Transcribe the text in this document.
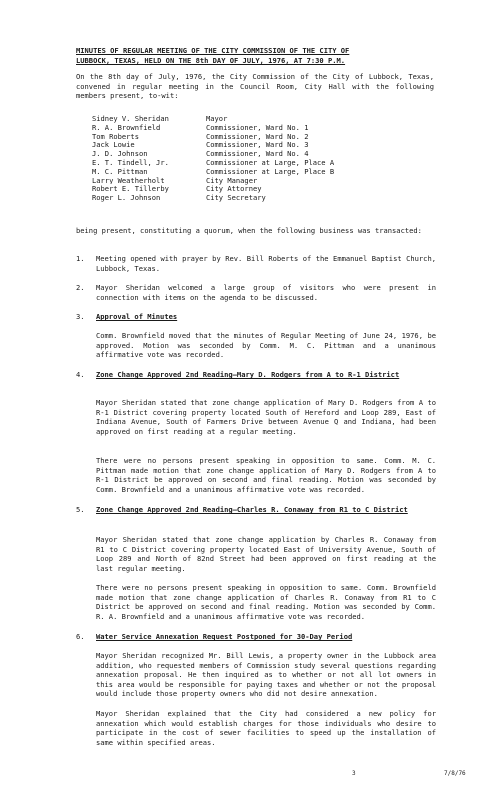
MINUTES OF REGULAR MEETING OF THE CITY COMMISSION OF THE CITY OF
LUBBOCK, TEXAS, HELD ON THE 8th DAY OF JULY, 1976, AT 7:30 P.M.
On the 8th day of July, 1976, the City Commission of the City of Lubbock, Texas, convened in regular meeting in the Council Room, City Hall with the following members present, to-wit:
Sidney V. Sheridan	Mayor
R. A. Brownfield	Commissioner, Ward No. 1
Tom Roberts	Commissioner, Ward No. 2
Jack Lowie	Commissioner, Ward No. 3
J. D. Johnson	Commissioner, Ward No. 4
E. T. Tindell, Jr.	Commissioner at Large, Place A
M. C. Pittman	Commissioner at Large, Place B
Larry Weatherholt	City Manager
Robert E. Tillerby	City Attorney
Roger L. Johnson	City Secretary
being present, constituting a quorum, when the following business was transacted:
1. Meeting opened with prayer by Rev. Bill Roberts of the Emmanuel Baptist Church, Lubbock, Texas.
2. Mayor Sheridan welcomed a large group of visitors who were present in connection with items on the agenda to be discussed.
3. Approval of Minutes
Comm. Brownfield moved that the minutes of Regular Meeting of June 24, 1976, be approved. Motion was seconded by Comm. M. C. Pittman and a unanimous affirmative vote was recorded.
4. Zone Change Approved 2nd Reading—Mary D. Rodgers from A to R-1 District
Mayor Sheridan stated that zone change application of Mary D. Rodgers from A to R-1 District covering property located South of Hereford and Loop 289, East of Indiana Avenue, South of Farmers Drive between Avenue Q and Indiana, had been approved on first reading at a regular meeting.
There were no persons present speaking in opposition to same. Comm. M. C. Pittman made motion that zone change application of Mary D. Rodgers from A to R-1 District be approved on second and final reading. Motion was seconded by Comm. Brownfield and a unanimous affirmative vote was recorded.
5. Zone Change Approved 2nd Reading—Charles R. Conaway from R1 to C District
Mayor Sheridan stated that zone change application by Charles R. Conaway from R1 to C District covering property located East of University Avenue, South of Loop 289 and North of 82nd Street had been approved on first reading at the last regular meeting.
There were no persons present speaking in opposition to same. Comm. Brownfield made motion that zone change application of Charles R. Conaway from R1 to C District be approved on second and final reading. Motion was seconded by Comm. R. A. Brownfield and a unanimous affirmative vote was recorded.
6. Water Service Annexation Request Postponed for 30-Day Period
Mayor Sheridan recognized Mr. Bill Lewis, a property owner in the Lubbock area addition, who requested members of Commission study several questions regarding annexation proposal. He then inquired as to whether or not all lot owners in this area would be responsible for paying taxes and whether or not the proposal would include those property owners who did not desire annexation.
Mayor Sheridan explained that the City had considered a new policy for annexation which would establish charges for those individuals who desire to participate in the cost of sewer facilities to speed up the installation of same within specified areas.
3	7/8/76
